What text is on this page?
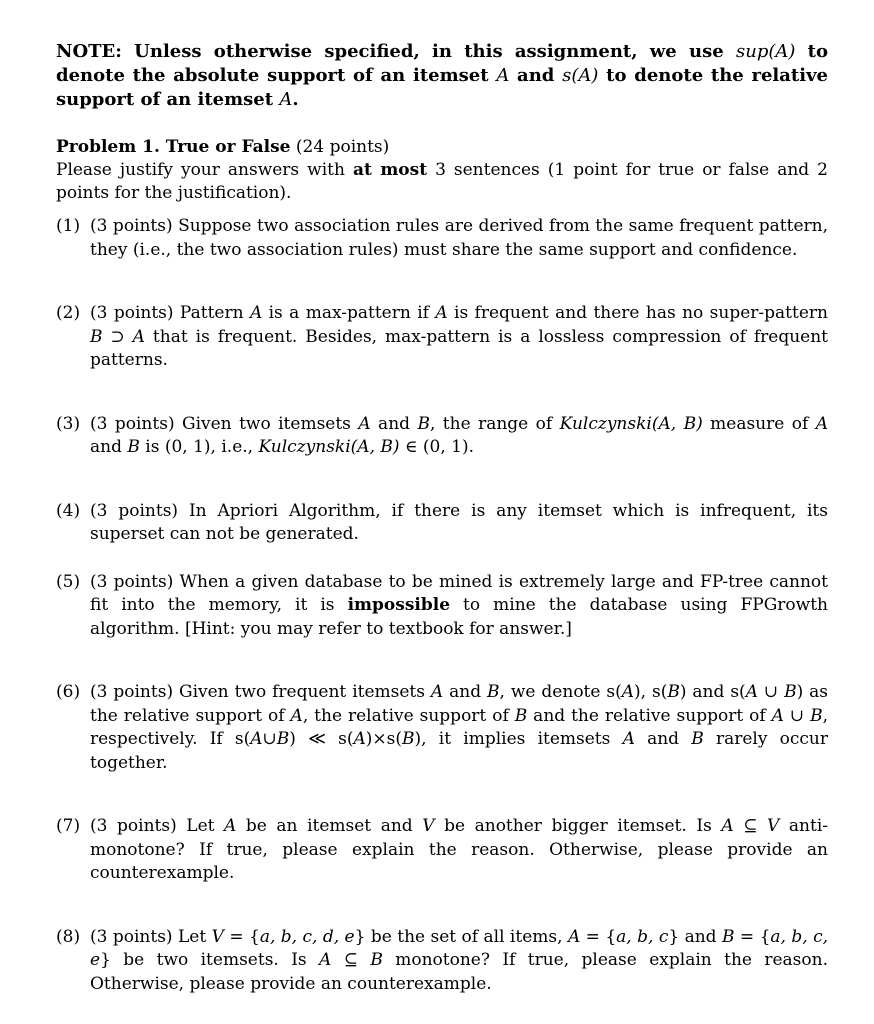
NOTE: Unless otherwise specified, in this assignment, we use sup(A) to denote the absolute support of an itemset A and s(A) to denote the relative support of an itemset A.

Problem 1. True or False (24 points)

Please justify your answers with at most 3 sentences (1 point for true or false and 2 points for the justification).

(1) (3 points) Suppose two association rules are derived from the same frequent pattern, they (i.e., the two association rules) must share the same support and confidence.
(2) (3 points) Pattern A is a max-pattern if A is frequent and there has no super-pattern B ⊃ A that is frequent. Besides, max-pattern is a lossless compression of frequent patterns.
(3) (3 points) Given two itemsets A and B, the range of Kulczynski(A, B) measure of A and B is (0, 1), i.e., Kulczynski(A, B) ∈ (0, 1).
(4) (3 points) In Apriori Algorithm, if there is any itemset which is infrequent, its superset can not be generated.
(5) (3 points) When a given database to be mined is extremely large and FP-tree cannot fit into the memory, it is impossible to mine the database using FPGrowth algorithm. [Hint: you may refer to textbook for answer.]
(6) (3 points) Given two frequent itemsets A and B, we denote s(A), s(B) and s(A ∪ B) as the relative support of A, the relative support of B and the relative support of A ∪ B, respectively. If s(A∪B) ≪ s(A)×s(B), it implies itemsets A and B rarely occur together.
(7) (3 points) Let A be an itemset and V be another bigger itemset. Is A ⊆ V anti-monotone? If true, please explain the reason. Otherwise, please provide an counterexample.
(8) (3 points) Let V = {a, b, c, d, e} be the set of all items, A = {a, b, c} and B = {a, b, c, e} be two itemsets. Is A ⊆ B monotone? If true, please explain the reason. Otherwise, please provide an counterexample.
